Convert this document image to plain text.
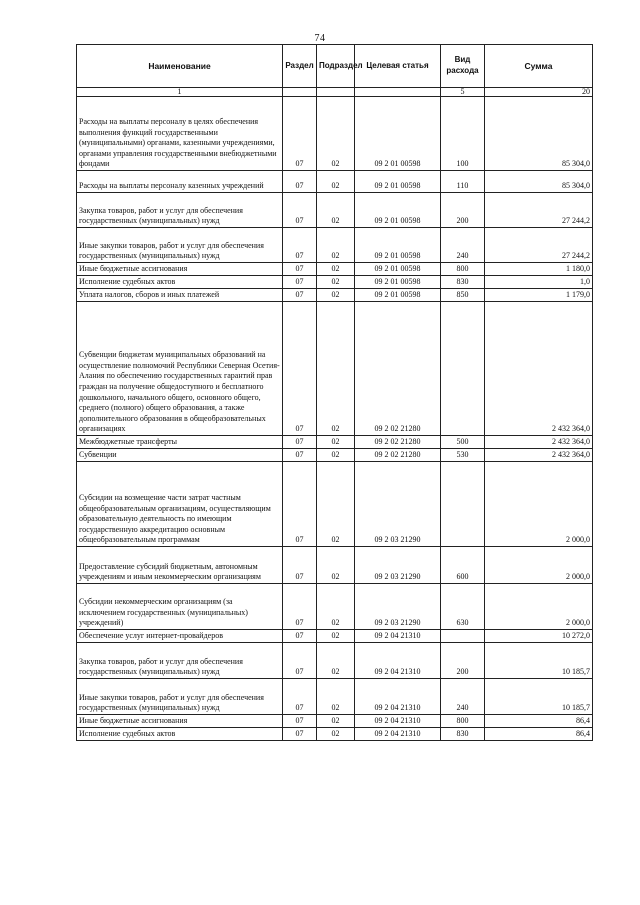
74
Наименование	Раздел	Подраздел	Целевая статья	Вид расхода	Сумма
1				5	20
Расходы на выплаты персоналу в целях обеспечения выполнения функций государственными (муниципальными) органами, казенными учреждениями, органами управления государственными внебюджетными фондами	07	02	09 2 01 00598	100	85 304,0
Расходы на выплаты персоналу казенных учреждений	07	02	09 2 01 00598	110	85 304,0
Закупка товаров, работ и услуг для обеспечения государственных (муниципальных) нужд	07	02	09 2 01 00598	200	27 244,2
Иные закупки товаров, работ и услуг для обеспечения государственных (муниципальных) нужд	07	02	09 2 01 00598	240	27 244,2
Иные бюджетные ассигнования	07	02	09 2 01 00598	800	1 180,0
Исполнение судебных актов	07	02	09 2 01 00598	830	1,0
Уплата налогов, сборов и иных платежей	07	02	09 2 01 00598	850	1 179,0
Субвенции бюджетам муниципальных образований на осуществление полномочий Республики Северная Осетия-Алания по обеспечению государственных гарантий прав граждан на получение общедоступного и бесплатного дошкольного, начального общего, основного общего, среднего (полного) общего образования, а также дополнительного образования в общеобразовательных организациях	07	02	09 2 02 21280		2 432 364,0
Межбюджетные трансферты	07	02	09 2 02 21280	500	2 432 364,0
Субвенции	07	02	09 2 02 21280	530	2 432 364,0
Субсидии на возмещение части затрат частным общеобразовательным организациям, осуществляющим образовательную деятельность по имеющим государственную аккредитацию основным общеобразовательным программам	07	02	09 2 03 21290		2 000,0
Предоставление субсидий бюджетным, автономным учреждениям и иным некоммерческим организациям	07	02	09 2 03 21290	600	2 000,0
Субсидии некоммерческим организациям (за исключением государственных (муниципальных) учреждений)	07	02	09 2 03 21290	630	2 000,0
Обеспечение услуг интернет-провайдеров	07	02	09 2 04 21310		10 272,0
Закупка товаров, работ и услуг для обеспечения государственных (муниципальных) нужд	07	02	09 2 04 21310	200	10 185,7
Иные закупки товаров, работ и услуг для обеспечения государственных (муниципальных) нужд	07	02	09 2 04 21310	240	10 185,7
Иные бюджетные ассигнования	07	02	09 2 04 21310	800	86,4
Исполнение судебных актов	07	02	09 2 04 21310	830	86,4
